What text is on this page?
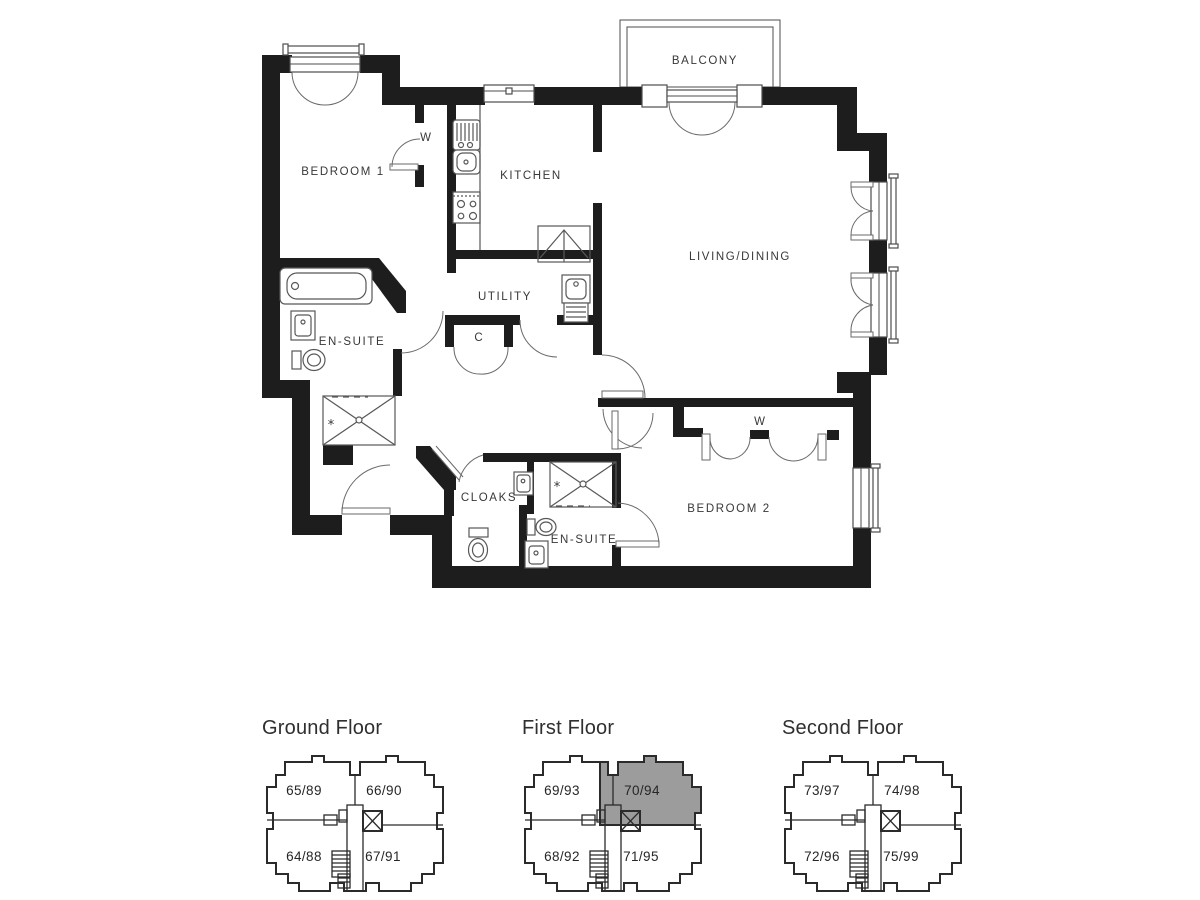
*
*
BALCONY
BEDROOM 1
W
KITCHEN
LIVING/DINING
UTILITY
C
EN-SUITE
CLOAKS
EN-SUITE
W
BEDROOM 2
Ground Floor
65/89	66/90
64/88	67/91
First Floor
69/93	70/94
68/92	71/95
Second Floor
73/97	74/98
72/96	75/99
